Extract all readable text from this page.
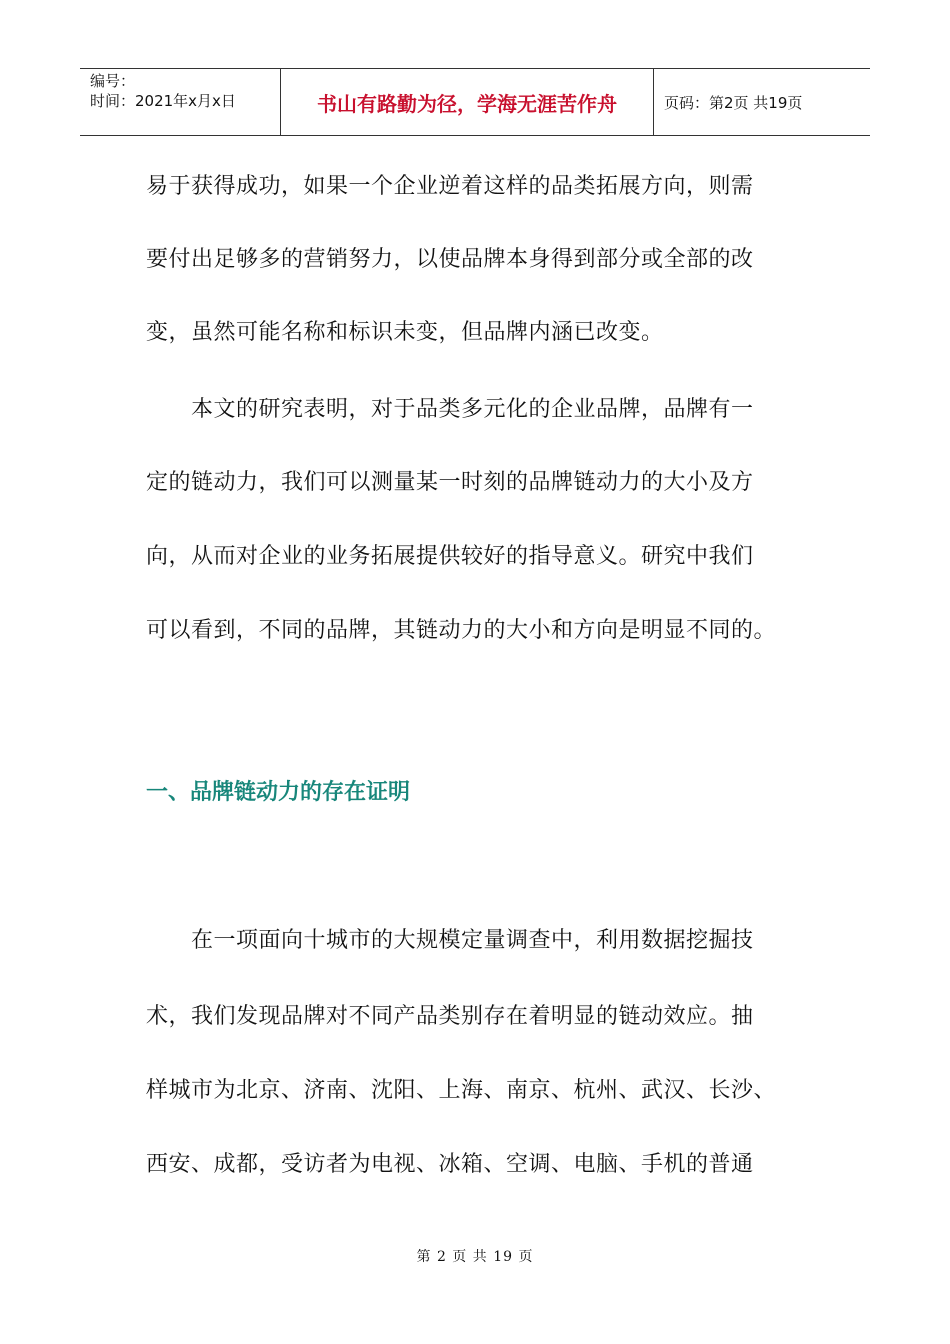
编号：
时间：2021年x月x日	书山有路勤为径，学海无涯苦作舟	页码：第2页 共19页
易于获得成功，如果一个企业逆着这样的品类拓展方向，则需
要付出足够多的营销努力，以使品牌本身得到部分或全部的改
变，虽然可能名称和标识未变，但品牌内涵已改变。
　　本文的研究表明，对于品类多元化的企业品牌，品牌有一
定的链动力，我们可以测量某一时刻的品牌链动力的大小及方
向，从而对企业的业务拓展提供较好的指导意义。研究中我们
可以看到，不同的品牌，其链动力的大小和方向是明显不同的。
　　在一项面向十城市的大规模定量调查中，利用数据挖掘技
术，我们发现品牌对不同产品类别存在着明显的链动效应。抽
样城市为北京、济南、沈阳、上海、南京、杭州、武汉、长沙、
西安、成都，受访者为电视、冰箱、空调、电脑、手机的普通
一、品牌链动力的存在证明
第 2 页 共 19 页
